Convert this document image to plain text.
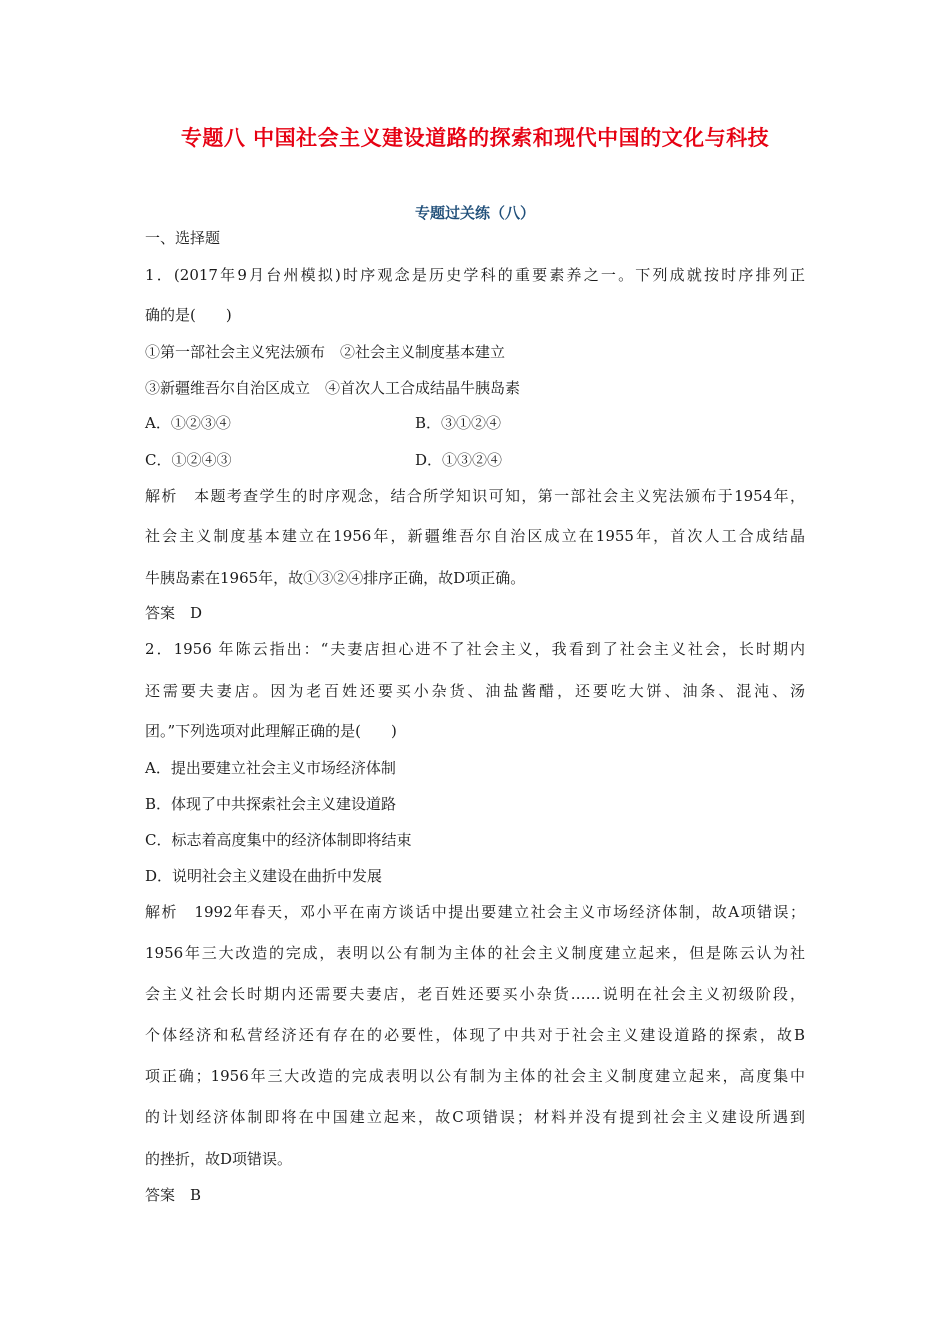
专题八 中国社会主义建设道路的探索和现代中国的文化与科技
专题过关练（八）
一、选择题
1．(2017年9月台州模拟)时序观念是历史学科的重要素养之一。下列成就按时序排列正
确的是(　　)
①第一部社会主义宪法颁布　②社会主义制度基本建立
③新疆维吾尔自治区成立　④首次人工合成结晶牛胰岛素
A．①②③④	B．③①②④
C．①②④③	D．①③②④
解析　本题考查学生的时序观念，结合所学知识可知，第一部社会主义宪法颁布于1954年，
社会主义制度基本建立在1956年，新疆维吾尔自治区成立在1955年，首次人工合成结晶
牛胰岛素在1965年，故①③②④排序正确，故D项正确。
答案　D
2．1956 年陈云指出：“夫妻店担心进不了社会主义，我看到了社会主义社会，长时期内
还需要夫妻店。因为老百姓还要买小杂货、油盐酱醋，还要吃大饼、油条、混沌、汤
团。”下列选项对此理解正确的是(　　)
A．提出要建立社会主义市场经济体制
B．体现了中共探索社会主义建设道路
C．标志着高度集中的经济体制即将结束
D．说明社会主义建设在曲折中发展
解析　1992年春天，邓小平在南方谈话中提出要建立社会主义市场经济体制，故A项错误；
1956年三大改造的完成，表明以公有制为主体的社会主义制度建立起来，但是陈云认为社
会主义社会长时期内还需要夫妻店，老百姓还要买小杂货……说明在社会主义初级阶段，
个体经济和私营经济还有存在的必要性，体现了中共对于社会主义建设道路的探索，故B
项正确；1956年三大改造的完成表明以公有制为主体的社会主义制度建立起来，高度集中
的计划经济体制即将在中国建立起来，故C项错误；材料并没有提到社会主义建设所遇到
的挫折，故D项错误。
答案　B
